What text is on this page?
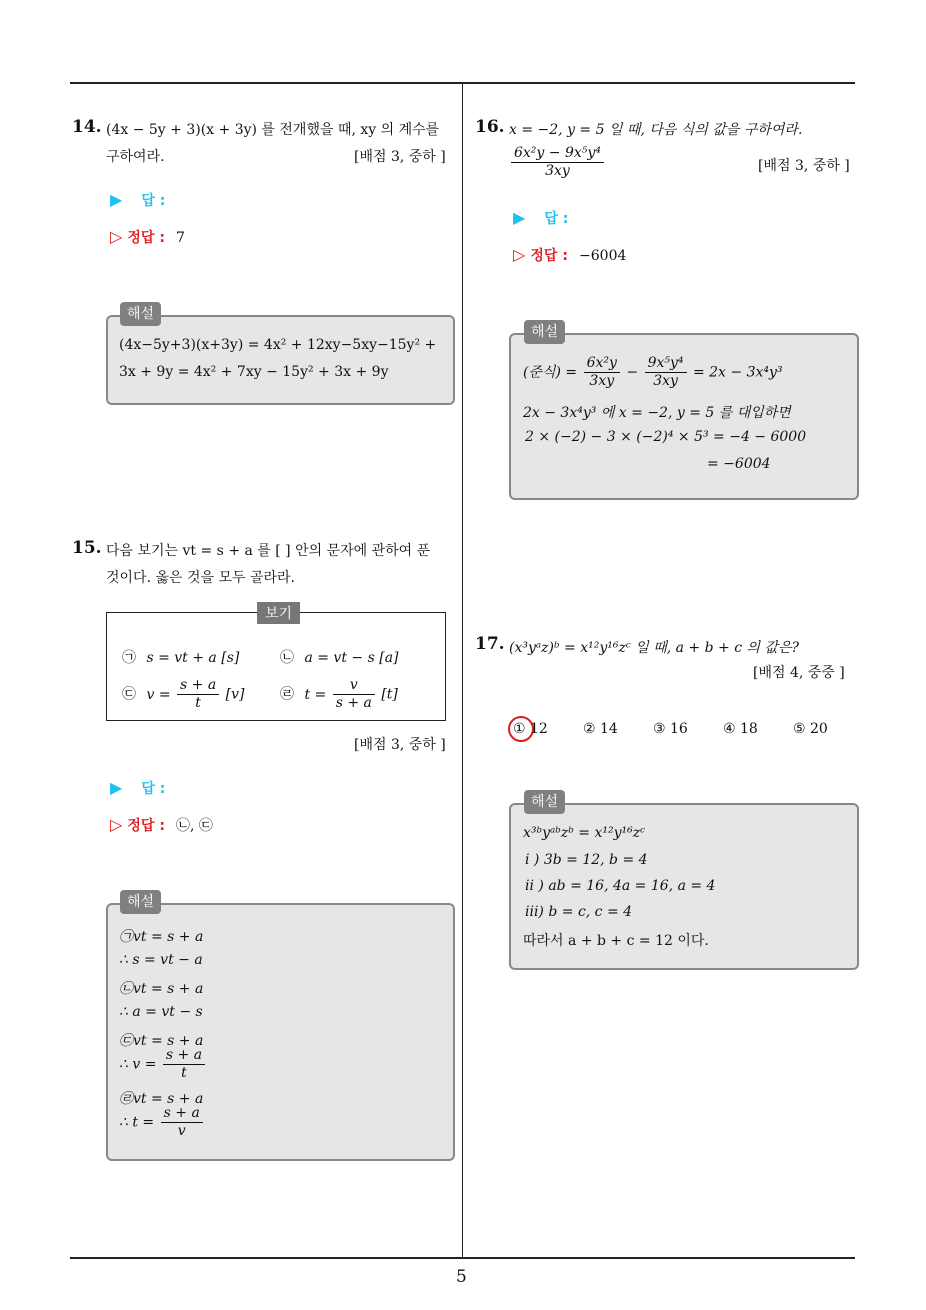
5
14. (4x − 5y + 3)(x + 3y) 를 전개했을 때, xy 의 계수를
구하여라.	[배점 3, 중하 ]
▶ 답 :
▷ 정답 : 7
(4x−5y+3)(x+3y) = 4x² + 12xy−5xy−15y² +
3x + 9y = 4x² + 7xy − 15y² + 3x + 9y
해설
15. 다음 보기는 vt = s + a 를 [ ] 안의 문자에 관하여 푼
것이다. 옳은 것을 모두 골라라.
㉠ s = vt + a [s]	㉡ a = vt − s [a]
㉢ $v = \frac{s + a}{t} [v]$	㉣ $t = \frac{v}{s + a} [t]$
보기
[배점 3, 중하 ]
▶ 답 :
▷ 정답 : ㉡, ㉢
㉠vt = s + a
∴ s = vt − a
㉡vt = s + a
∴ a = vt − s
㉢vt = s + a
∴ $v = \frac{s + a}{t}$
㉣vt = s + a
∴ $t = \frac{s + a}{v}$
해설
16. x = −2, y = 5 일 때, 다음 식의 값을 구하여라.
$\frac{\text{6x²y − 9x⁵y⁴}}{3xy}$	[배점 3, 중하 ]
▶ 답 :
▷ 정답 : −6004
(준식) = $\frac{\text{6x²y}}{3xy} - \frac{\text{9x⁵y⁴}}{3xy} = 2x - 3x^4y^3$
2x − 3x⁴y³ 에 x = −2, y = 5 를 대입하면
2 × (−2) − 3 × (−2)⁴ × 5³ = −4 − 6000
= −6004
해설
17. (x³yᵃz)ᵇ = x¹²y¹⁶zᶜ 일 때, a + b + c 의 값은?
[배점 4, 중중 ]
① 12	② 14	③ 16	④ 18	⑤ 20
x³ᵇyᵃᵇzᵇ = x¹²y¹⁶zᶜ
i ) 3b = 12, b = 4
ii ) ab = 16, 4a = 16, a = 4
iii) b = c, c = 4
따라서 a + b + c = 12 이다.
해설
